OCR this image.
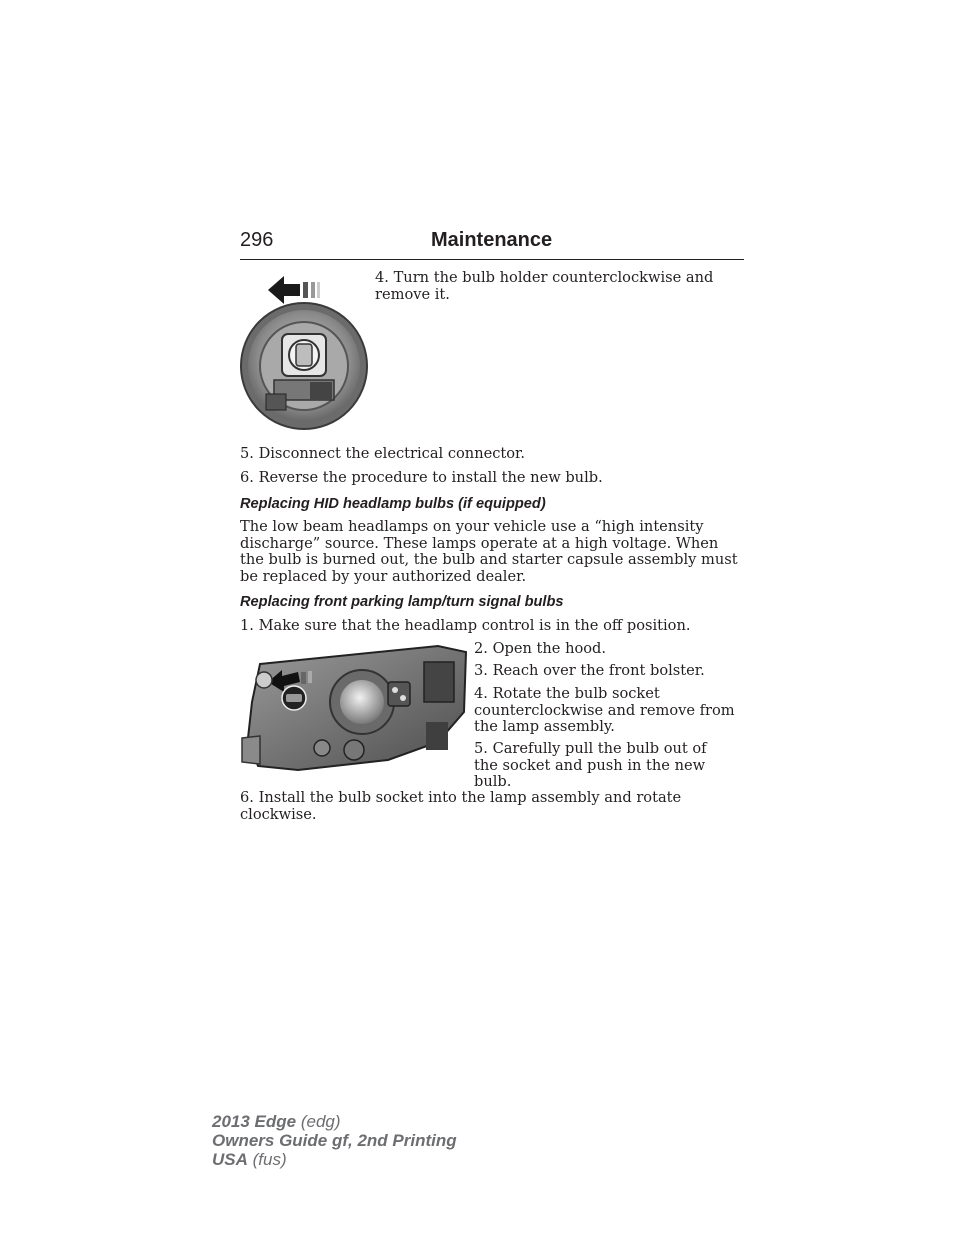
296	Maintenance
4. Turn the bulb holder counterclockwise and remove it.
5. Disconnect the electrical connector.
6. Reverse the procedure to install the new bulb.
Replacing HID headlamp bulbs (if equipped)
The low beam headlamps on your vehicle use a “high intensity discharge” source. These lamps operate at a high voltage. When the bulb is burned out, the bulb and starter capsule assembly must be replaced by your authorized dealer.
Replacing front parking lamp/turn signal bulbs
1. Make sure that the headlamp control is in the off position.
2. Open the hood.
3. Reach over the front bolster.
4. Rotate the bulb socket counterclockwise and remove from the lamp assembly.
5. Carefully pull the bulb out of the socket and push in the new bulb.
6. Install the bulb socket into the lamp assembly and rotate clockwise.
2013 Edge (edg)
Owners Guide gf, 2nd Printing
USA (fus)
